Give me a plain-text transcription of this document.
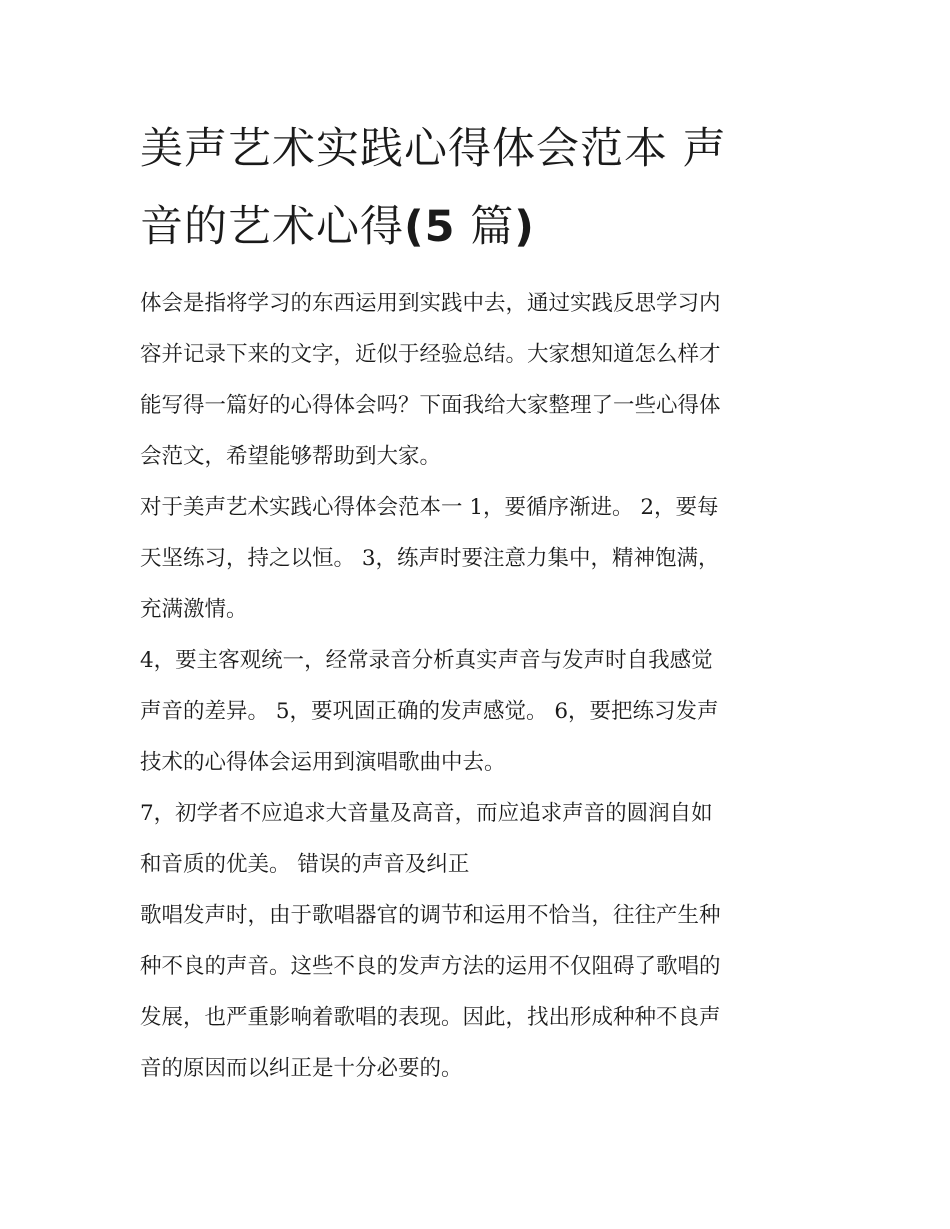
美声艺术实践心得体会范本 声
音的艺术心得(5 篇)

体会是指将学习的东西运用到实践中去，通过实践反思学习内
容并记录下来的文字，近似于经验总结。大家想知道怎么样才
能写得一篇好的心得体会吗？下面我给大家整理了一些心得体
会范文，希望能够帮助到大家。

对于美声艺术实践心得体会范本一 1，要循序渐进。 2，要每
天坚练习，持之以恒。 3，练声时要注意力集中，精神饱满，
充满激情。

4，要主客观统一，经常录音分析真实声音与发声时自我感觉
声音的差异。 5，要巩固正确的发声感觉。 6，要把练习发声
技术的心得体会运用到演唱歌曲中去。

7，初学者不应追求大音量及高音，而应追求声音的圆润自如
和音质的优美。 错误的声音及纠正

歌唱发声时，由于歌唱器官的调节和运用不恰当，往往产生种
种不良的声音。这些不良的发声方法的运用不仅阻碍了歌唱的
发展，也严重影响着歌唱的表现。因此，找出形成种种不良声
音的原因而以纠正是十分必要的。
